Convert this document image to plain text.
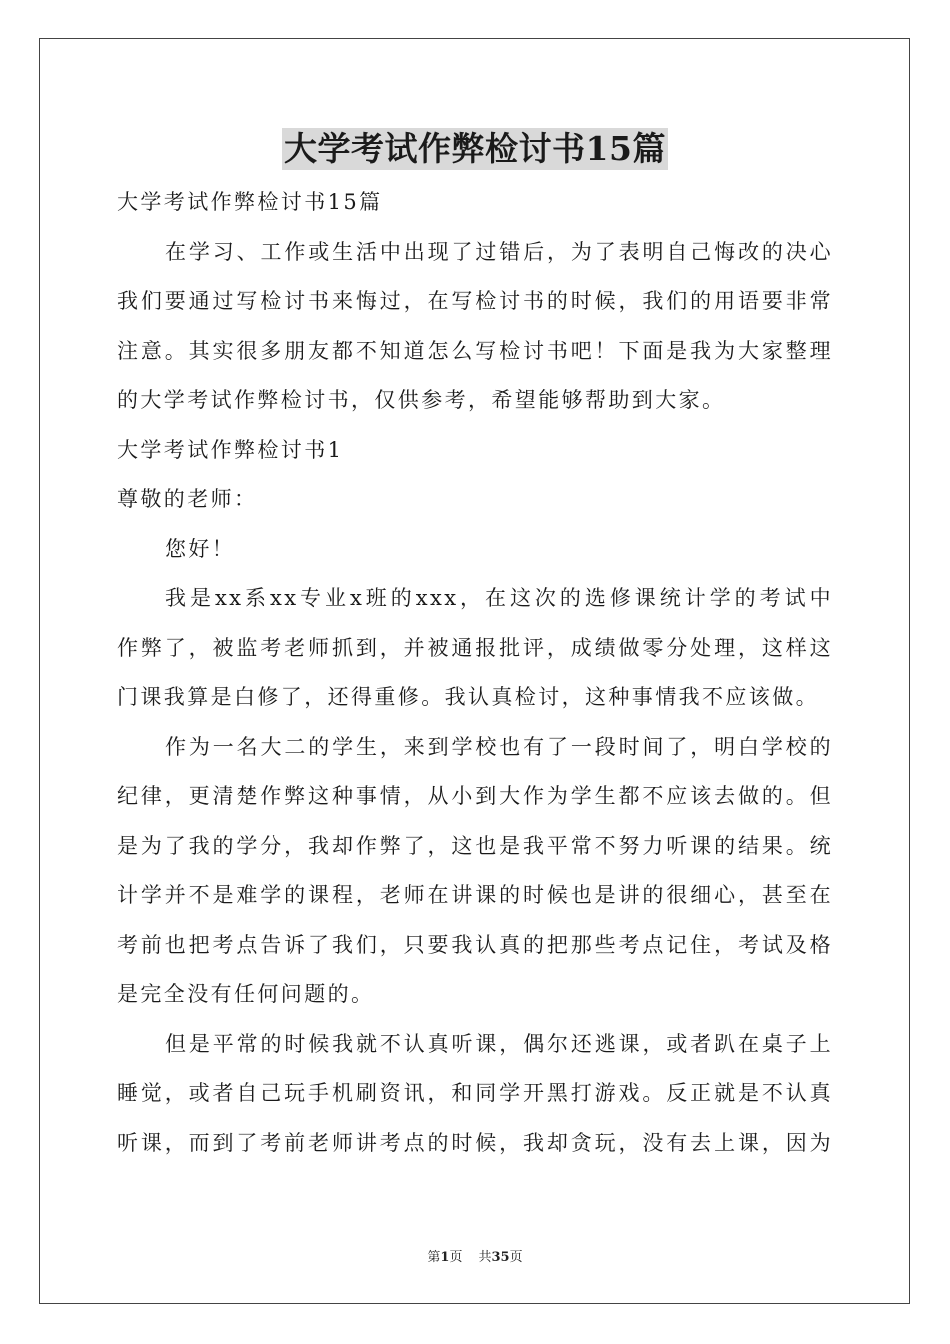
大学考试作弊检讨书15篇
大学考试作弊检讨书15篇
在学习、工作或生活中出现了过错后，为了表明自己悔改的决心
我们要通过写检讨书来悔过，在写检讨书的时候，我们的用语要非常
注意。其实很多朋友都不知道怎么写检讨书吧！下面是我为大家整理
的大学考试作弊检讨书，仅供参考，希望能够帮助到大家。
大学考试作弊检讨书1
尊敬的老师：
您好！
我是xx系xx专业x班的xxx，在这次的选修课统计学的考试中
作弊了，被监考老师抓到，并被通报批评，成绩做零分处理，这样这
门课我算是白修了，还得重修。我认真检讨，这种事情我不应该做。
作为一名大二的学生，来到学校也有了一段时间了，明白学校的
纪律，更清楚作弊这种事情，从小到大作为学生都不应该去做的。但
是为了我的学分，我却作弊了，这也是我平常不努力听课的结果。统
计学并不是难学的课程，老师在讲课的时候也是讲的很细心，甚至在
考前也把考点告诉了我们，只要我认真的把那些考点记住，考试及格
是完全没有任何问题的。
但是平常的时候我就不认真听课，偶尔还逃课，或者趴在桌子上
睡觉，或者自己玩手机刷资讯，和同学开黑打游戏。反正就是不认真
听课，而到了考前老师讲考点的时候，我却贪玩，没有去上课，因为
第1页 共35页
